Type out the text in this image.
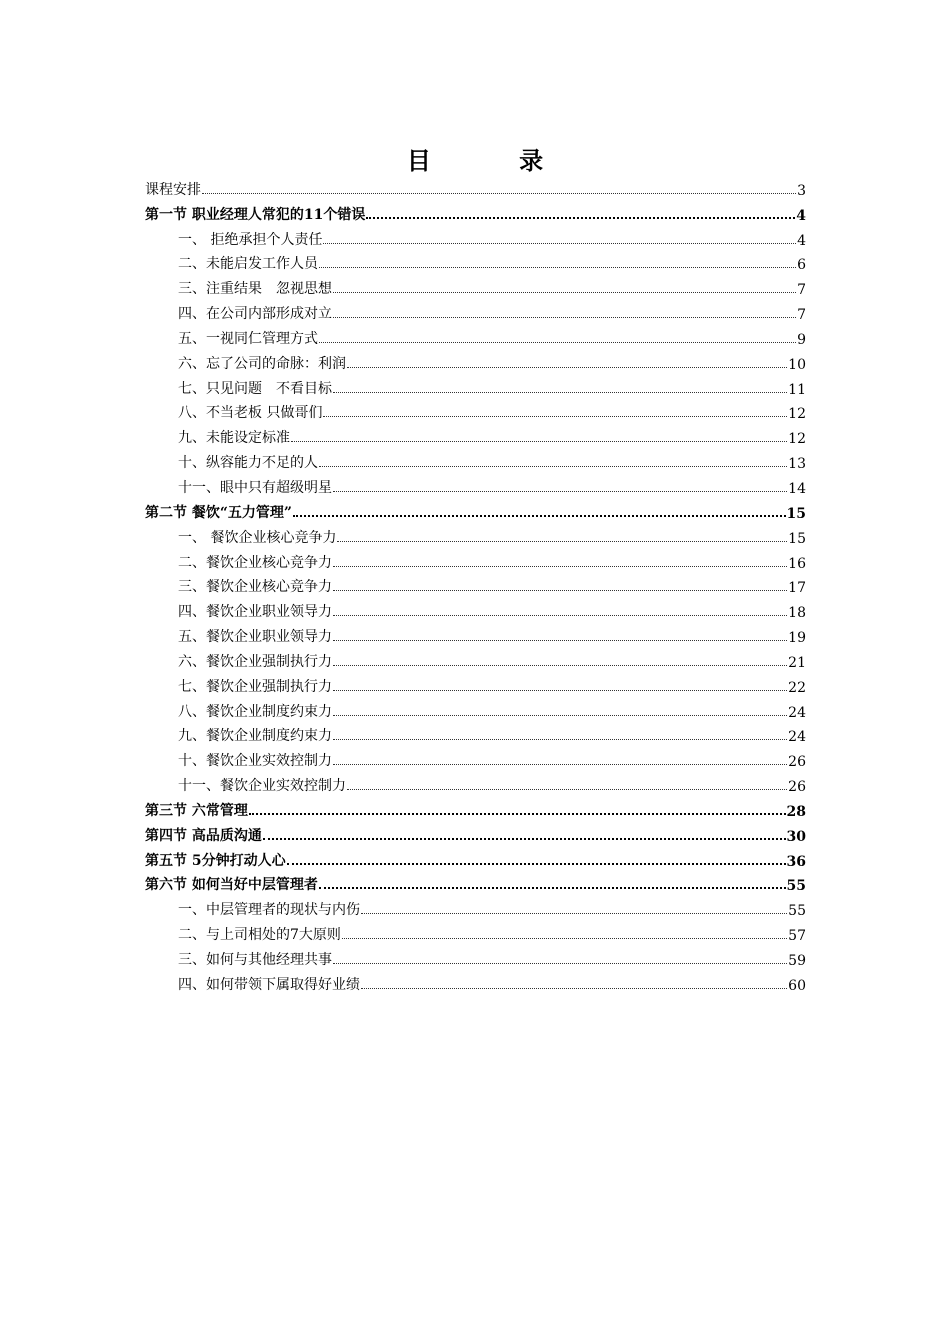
目 录
课程安排	3
第一节 职业经理人常犯的11个错误	4
一、 拒绝承担个人责任	4
二、未能启发工作人员	6
三、注重结果　忽视思想	7
四、在公司内部形成对立	7
五、一视同仁管理方式	9
六、忘了公司的命脉：利润	10
七、只见问题　不看目标	11
八、不当老板 只做哥们	12
九、未能设定标准	12
十、纵容能力不足的人	13
十一、眼中只有超级明星	14
第二节 餐饮“五力管理”	15
一、 餐饮企业核心竞争力	15
二、餐饮企业核心竞争力	16
三、餐饮企业核心竞争力	17
四、餐饮企业职业领导力	18
五、餐饮企业职业领导力	19
六、餐饮企业强制执行力	21
七、餐饮企业强制执行力	22
八、餐饮企业制度约束力	24
九、餐饮企业制度约束力	24
十、餐饮企业实效控制力	26
十一、餐饮企业实效控制力	26
第三节 六常管理	28
第四节 高品质沟通	30
第五节 5分钟打动人心	36
第六节 如何当好中层管理者	55
一、中层管理者的现状与内伤	55
二、与上司相处的7大原则	57
三、如何与其他经理共事	59
四、如何带领下属取得好业绩	60
